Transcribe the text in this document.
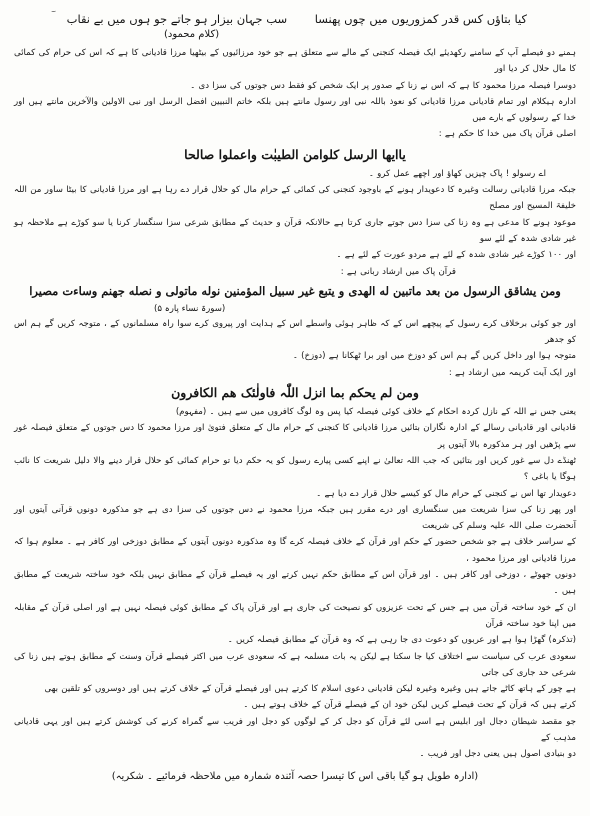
کیا بتاؤں کس قدر کمزوریوں میں چوں پھنسا سب جہان بیزار ہو جاتے جو ہوں میں بے نقاب
(کلام محمود)

ہمنے دو فیصلے آپ کے سامنے رکھدیئے ایک فیصلہ کنجنی کے مالے سے متعلق ہے جو خود مرزائیوں کے بیٹھیا مرزا قادیانی کا ہے کہ اس کی حرام کی کمائی کا مال حلال کر دیا اور

دوسرا فیصلہ مرزا محمود کا ہے کہ اس نے زنا کے صدور پر ایک شخص کو فقط دس جوتوں کی سزا دی ۔

ادارہ ہیکلام اور تمام قادیانی مرزا قادیانی کو نعوذ باللہ نبی اور رسول مانتے ہیں بلکہ خاتم النبیین افضل الرسل اور نبی الاولین والآخرین مانتے ہیں اور خدا کے رسولوں کے بارے میں

اصلی قرآن پاک میں خدا کا حکم ہے :

یاایھا الرسل کلوامن الطیبٰت واعملوا صالحا

اے رسولو ! پاک چیزیں کھاؤ اور اچھے عمل کرو ۔

جبکہ مرزا قادیانی رسالت وغیرہ کا دعویدار ہونے کے باوجود کنجنی کی کمائی کے حرام مال کو حلال قرار دے رہا ہے اور مرزا قادیانی کا بیٹا ساور من اللہ خلیفۃ المسیح اور مصلح

موعود ہونے کا مدعی ہے وہ زنا کی سزا دس جوتے جاری کرتا ہے حالانکہ قرآن و حدیث کے مطابق شرعی سزا سنگسار کرنا یا سو کوڑے ہے ملاحظہ ہو غیر شادی شدہ کے لئے سو

اور ۱۰۰ کوڑے غیر شادی شدہ کے لئے ہے مردو عورت کے لئے ہے ۔

قرآن پاک میں ارشاد ربانی ہے :

ومن یشاقق الرسول من بعد ماتبین له الهدی و یتبع غیر سبیل المؤمنین نوله ماتولی و نصله جهنم وساءت مصیرا
(سورۃ نساء پارہ ۵)

اور جو کوئی برخلاف کرے رسول کے پیچھے اس کے کہ ظاہر ہوئی واسطے اس کے ہدایت اور پیروی کرے سوا راہ مسلمانوں کے ، متوجہ کریں گے ہم اس کو جدھر

متوجہ ہوا اور داخل کریں گے ہم اس کو دوزخ میں اور برا ٹھکانا ہے (دوزخ) ۔

اور ایک آیت کریمہ میں ارشاد ہے :

ومن لم یحکم بما انزل اللّٰہ فاولٰئک هم الکافرون

یعنی جس نے اللہ کے نازل کردہ احکام کے خلاف کوئی فیصلہ کیا پس وہ لوگ کافروں میں سے ہیں ۔ (مفہوم)

قادیانی اور قادیانی رسالے کے ادارہ نگاران بتائیں مرزا قادیانی کا کنجنی کے حرام مال کے متعلق فتویٰ اور مرزا محمود کا دس جوتوں کے متعلق فیصلہ غور سے پڑھیں اور ہر مذکورہ بالا آیتوں پر

ٹھنڈے دل سے غور کریں اور بتائیں کہ جب اللہ تعالیٰ نے اپنے کسی پیارے رسول کو یہ حکم دیا تو حرام کمائی کو حلال قرار دینے والا دلیل شریعت کا نائب ہوگا یا باغی ؟

دعویدار تھا اس نے کنجنی کے حرام مال کو کیسے حلال قرار دے دیا ہے ۔

اور پھر زنا کی سزا شریعت میں سنگساری اور درے مقرر ہیں جبکہ مرزا محمود نے دس جوتوں کی سزا دی ہے جو مذکورہ دونوں قرآنی آیتوں اور آنحضرت صلی اللہ علیہ وسلم کی شریعت

کے سراسر خلاف ہے جو شخص حضور کے حکم اور قرآن کے خلاف فیصلہ کرے گا وہ مذکورہ دونوں آیتوں کے مطابق دوزخی اور کافر ہے ۔ معلوم ہوا کہ مرزا قادیانی اور مرزا محمود ،

دونوں جھوٹے ، دوزخی اور کافر ہیں ۔ اور قرآن اس کے مطابق حکم نہیں کرتے اور یہ فیصلے قرآن کے مطابق نہیں بلکہ خود ساختہ شریعت کے مطابق ہیں ۔

ان کے خود ساختہ قرآن میں ہے جس کے تحت عزیزوں کو نصیحت کی جاری ہے اور قرآن پاک کے مطابق کوئی فیصلہ نہیں ہے اور اصلی قرآن کے مقابلہ میں اپنا خود ساختہ قرآن

(تذکرہ) گھڑا ہوا ہے اور عربوں کو دعوت دی جا رہی ہے کہ وہ قرآن کے مطابق فیصلہ کریں ۔

سعودی عرب کی سیاست سے اختلاف کیا جا سکتا ہے لیکن یہ بات مسلمہ ہے کہ سعودی عرب میں اکثر فیصلے قرآن وسنت کے مطابق ہوتے ہیں زنا کی شرعی حد جاری کی جاتی

ہے چور کے ہاتھ کاٹے جاتے ہیں وغیرہ وغیرہ لیکن قادیانی دعوی اسلام کا کرتے ہیں اور فیصلے قرآن کے خلاف کرتے ہیں اور دوسروں کو تلقین بھی

کرتے ہیں کہ قرآن کے تحت فیصلے کریں لیکن خود ان کے فیصلے قرآن کے خلاف ہوتے ہیں ۔

جو مقصد شیطان دجال اور ابلیس ہے اسی لئے قرآن کو دجل کر کے لوگوں کو دجل اور فریب سے گمراہ کرنے کی کوشش کرتے ہیں اور یہی قادیانی مذہب کے

دو بنیادی اصول ہیں یعنی دجل اور فریب ۔

(ادارہ طویل ہو گیا باقی اس کا تیسرا حصہ آئندہ شمارہ میں ملاحظہ فرمائیے ۔ شکریہ)
